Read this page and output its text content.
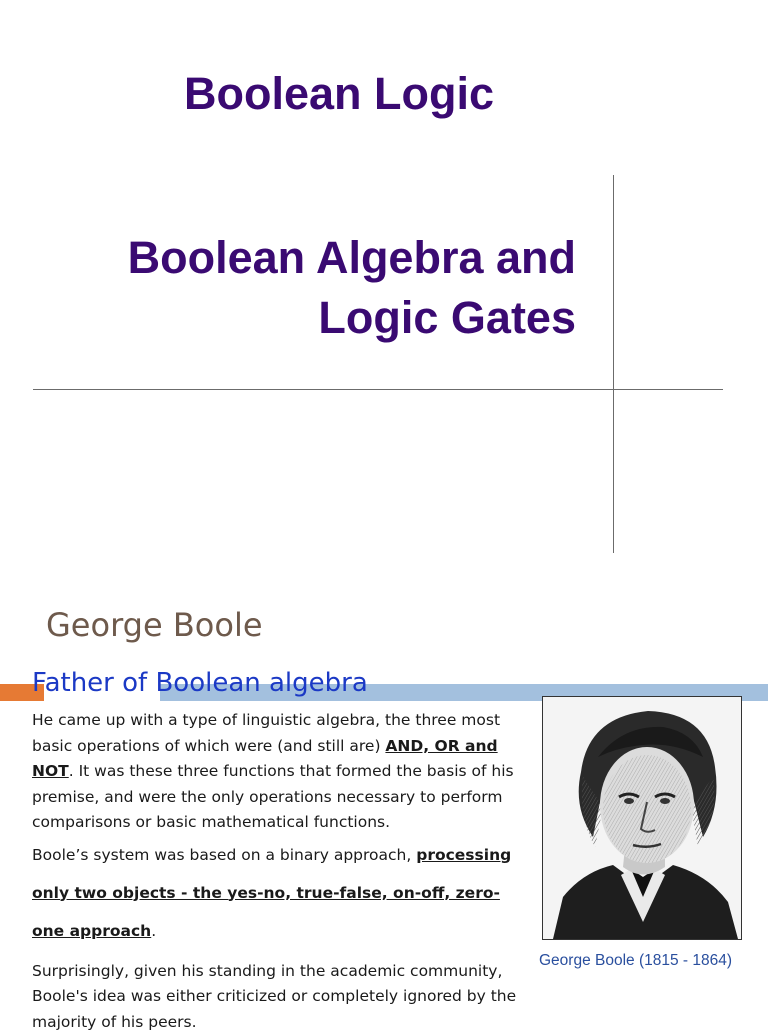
Boolean Logic
Boolean Algebra and
Logic Gates
George Boole
Father of Boolean algebra

He came up with a type of linguistic algebra, the three most basic operations of which were (and still are) AND, OR and NOT. It was these three functions that formed the basis of his premise, and were the only operations necessary to perform comparisons or basic mathematical functions.

Boole’s system was based on a binary approach, processing only two objects - the yes-no, true-false, on-off, zero-one approach.

Surprisingly, given his standing in the academic community, Boole's idea was either criticized or completely ignored by the majority of his peers.

George Boole (1815 - 1864)
